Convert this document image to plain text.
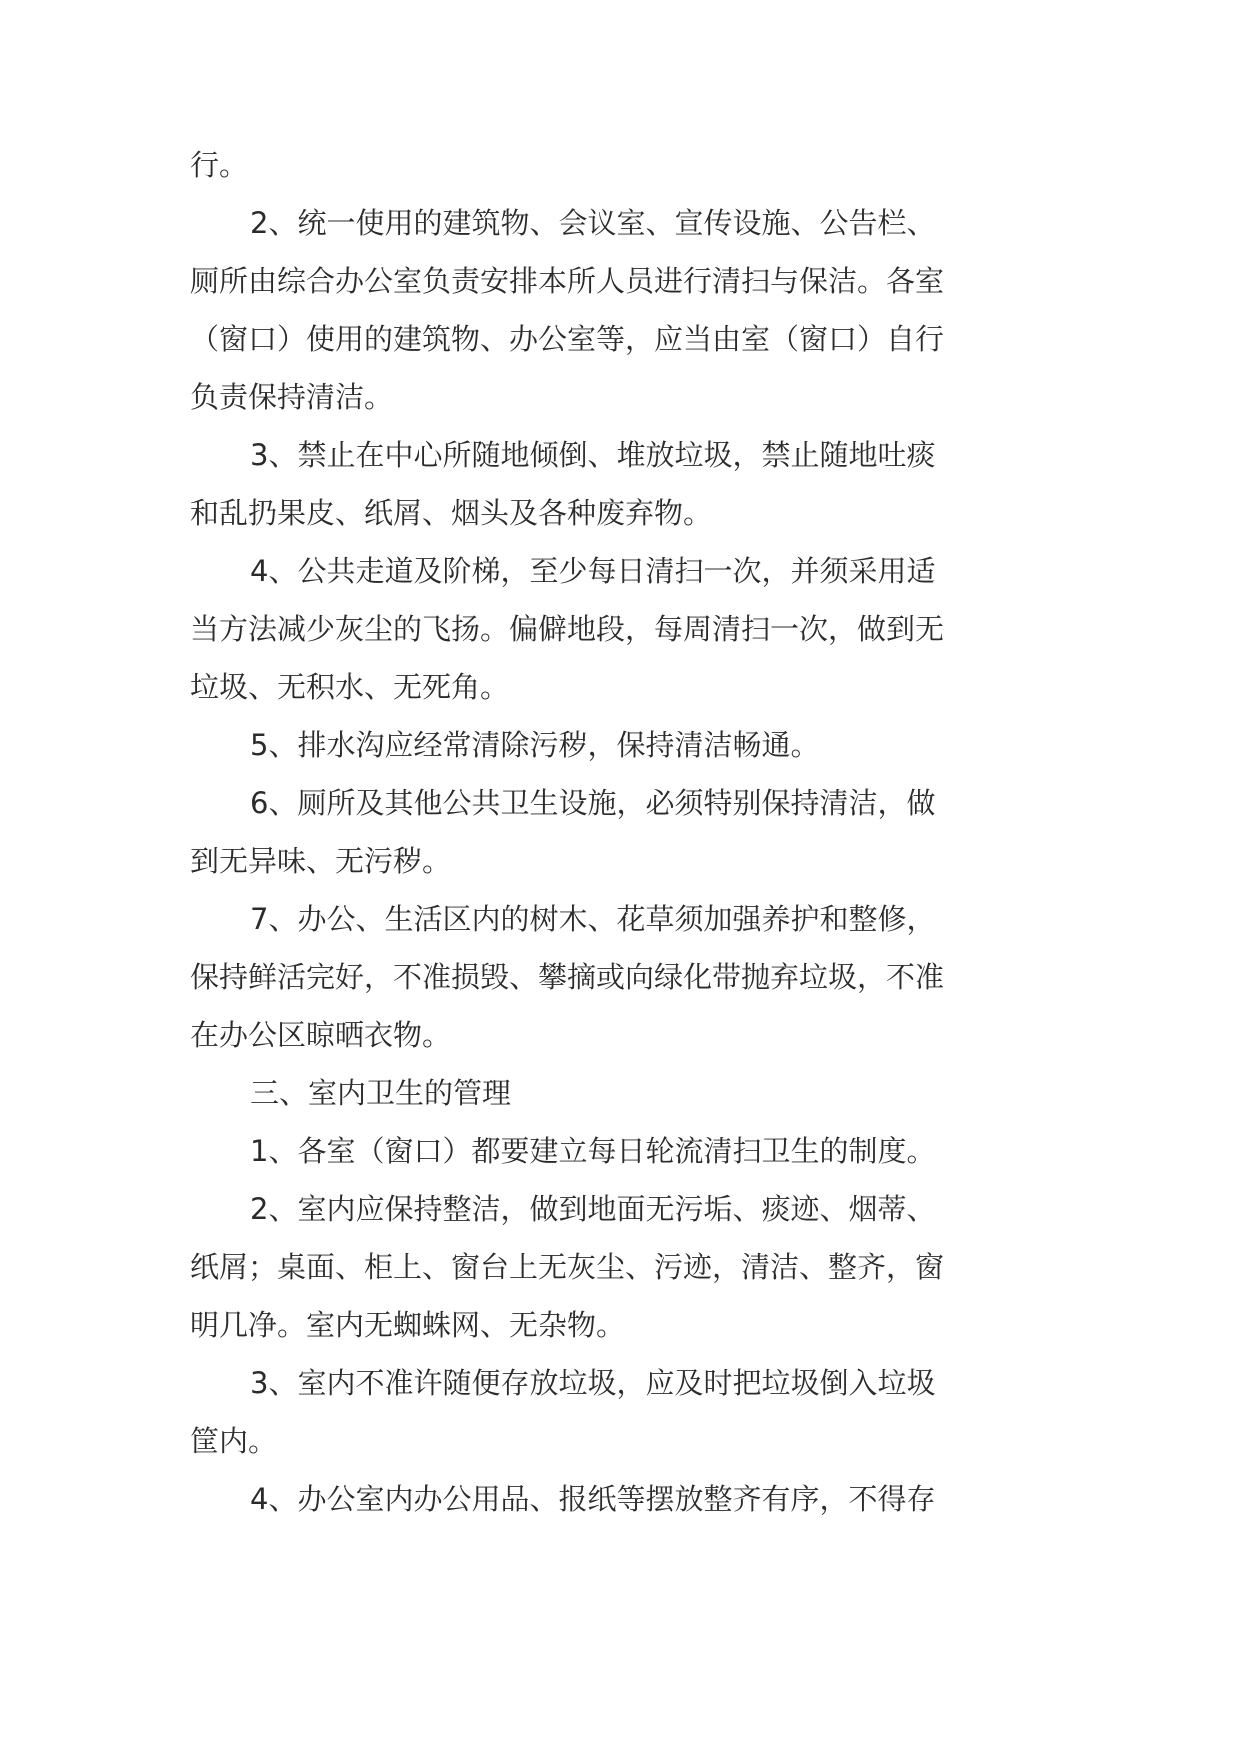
行。
2、统一使用的建筑物、会议室、宣传设施、公告栏、
厕所由综合办公室负责安排本所人员进行清扫与保洁。各室
（窗口）使用的建筑物、办公室等，应当由室（窗口）自行
负责保持清洁。
3、禁止在中心所随地倾倒、堆放垃圾，禁止随地吐痰
和乱扔果皮、纸屑、烟头及各种废弃物。
4、公共走道及阶梯，至少每日清扫一次，并须采用适
当方法减少灰尘的飞扬。偏僻地段，每周清扫一次，做到无
垃圾、无积水、无死角。
5、排水沟应经常清除污秽，保持清洁畅通。
6、厕所及其他公共卫生设施，必须特别保持清洁，做
到无异味、无污秽。
7、办公、生活区内的树木、花草须加强养护和整修，
保持鲜活完好，不准损毁、攀摘或向绿化带抛弃垃圾，不准
在办公区晾晒衣物。
三、室内卫生的管理
1、各室（窗口）都要建立每日轮流清扫卫生的制度。
2、室内应保持整洁，做到地面无污垢、痰迹、烟蒂、
纸屑；桌面、柜上、窗台上无灰尘、污迹，清洁、整齐，窗
明几净。室内无蜘蛛网、无杂物。
3、室内不准许随便存放垃圾，应及时把垃圾倒入垃圾
筐内。
4、办公室内办公用品、报纸等摆放整齐有序，不得存
